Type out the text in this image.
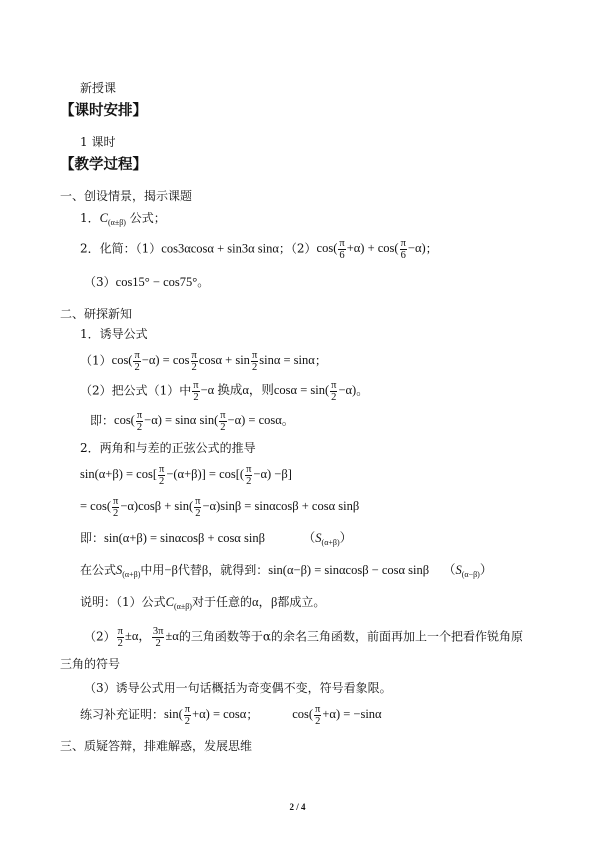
新授课
【课时安排】
1 课时
【教学过程】
一、创设情景，揭示课题
1．$C_{(\alpha\pm\beta)}$ 公式；
2．化简：（1）cos3αcosα + sin3α sinα；$(2)\cos( \frac{\pi}{6} +\alpha) + \cos( \frac{\pi}{6} -\alpha)$；
（3）cos15° − cos75°。
二、研探新知
1．诱导公式
$(1)\cos( \frac{\pi}{2} -\alpha) = \cos \frac{\pi}{2}$ $\cos\alpha + \sin \frac{\pi}{2}$ sinα = sinα；
（2）把公式（1）中 $\frac{\pi}{2} -\alpha$ 换成α，则$\cos\alpha = \sin( \frac{\pi}{2} -\alpha)$。
即：$\cos( \frac{\pi}{2} -\alpha) = \sin\alpha$ $\sin( \frac{\pi}{2} -\alpha) = \cos\alpha$。
2．两角和与差的正弦公式的推导
$\sin(\alpha+\beta) = \cos[ \frac{\pi}{2} -(\alpha+\beta)] = \cos[( \frac{\pi}{2} -\alpha) -\beta]$
= $\cos( \frac{\pi}{2} -\alpha)\cos\beta + \sin( \frac{\pi}{2} -\alpha)\sin\beta = \sin\alpha\cos\beta + \cos\alpha$ sinβ
即：sin(α+β) = sinαcosβ + cosα sinβ	$(S_{(\alpha+\beta)})$
在公式$S_{(\alpha+\beta)}$中用−β代替β，就得到：sin(α−β) = sinαcosβ − cosα sinβ $(S_{(\alpha-\beta)})$
说明：（1）公式$C_{(\alpha\pm\beta)}$对于任意的α，β都成立。
$(2) \frac{\pi}{2} \pm\alpha$， $\frac{3\pi}{2} \pm\alpha$的三角函数等于α的余名三角函数，前面再加上一个把看作锐角原
三角的符号
（3）诱导公式用一句话概括为奇变偶不变，符号看象限。
练习补充证明：$\sin( \frac{\pi}{2} +\alpha) = \cos\alpha$；	$\cos( \frac{\pi}{2} +\alpha) = -\sin\alpha$
三、质疑答辩，排难解惑，发展思维
2 / 4
